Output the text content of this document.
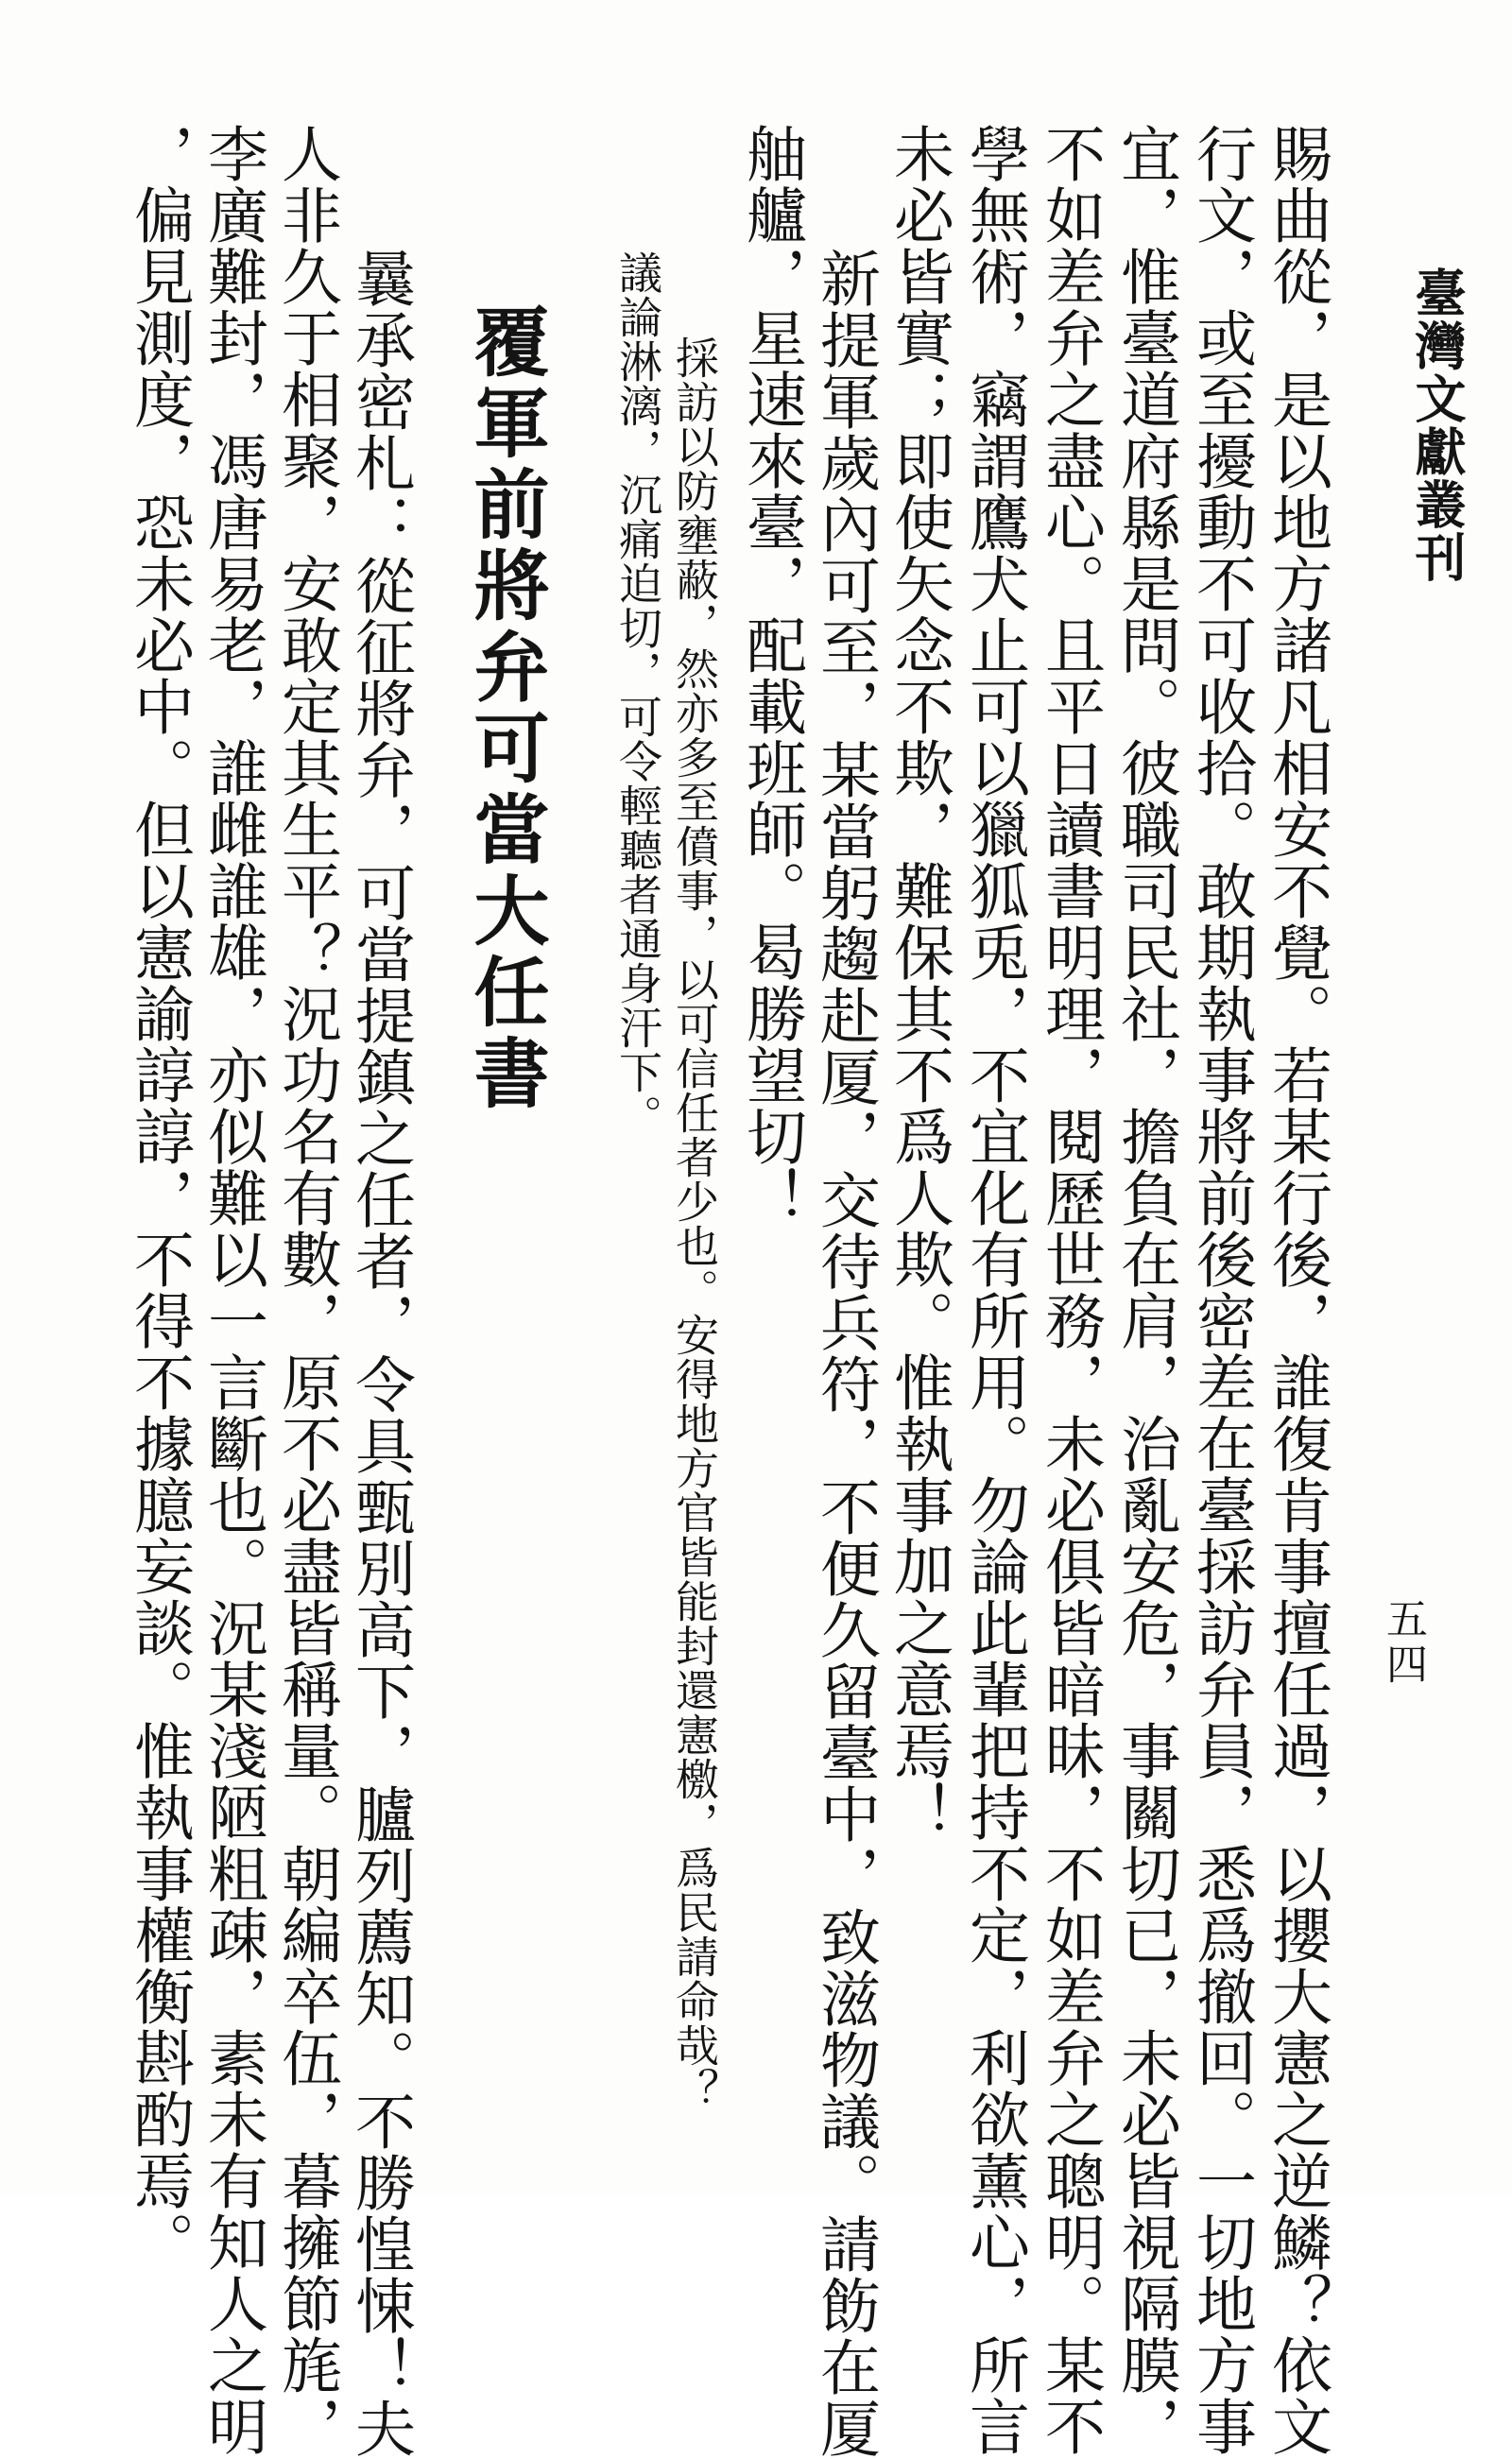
臺灣文獻叢刊
五四
賜曲從，是以地方諸凡相安不覺。若某行後，誰復肯事擅任過，以攖大憲之逆鱗？依文
行文，或至擾動不可收拾。敢期執事將前後密差在臺採訪弁員，悉爲撤回。一切地方事
宜，惟臺道府縣是問。彼職司民社，擔負在肩，治亂安危，事關切已，未必皆視隔膜，
不如差弁之盡心。且平日讀書明理，閱歷世務，未必俱皆暗昧，不如差弁之聰明。某不
學無術，竊謂鷹犬止可以獵狐兎，不宜化有所用。勿論此輩把持不定，利欲薰心，所言
未必皆實；即使矢念不欺，難保其不爲人欺。惟執事加之意焉！
新提軍歲內可至，某當躬趨赴厦，交待兵符，不便久留臺中，致滋物議。請飭在厦
舳艫，星速來臺，配載班師。曷勝望切！
採訪以防壅蔽，然亦多至僨事，以可信任者少也。安得地方官皆能封還憲檄，爲民請命哉？
議論淋漓，沉痛迫切，可令輕聽者通身汗下。
覆軍前將弁可當大任書
曩承密札：從征將弁，可當提鎮之任者，令具甄別高下，臚列薦知。不勝惶悚！夫
人非久于相聚，安敢定其生平？況功名有數，原不必盡皆稱量。朝編卒伍，暮擁節旄，
李廣難封，馮唐易老，誰雌誰雄，亦似難以一言斷也。況某淺陋粗疎，素未有知人之明
，偏見測度，恐未必中。但以憲諭諄諄，不得不據臆妄談。惟執事權衡斟酌焉。
